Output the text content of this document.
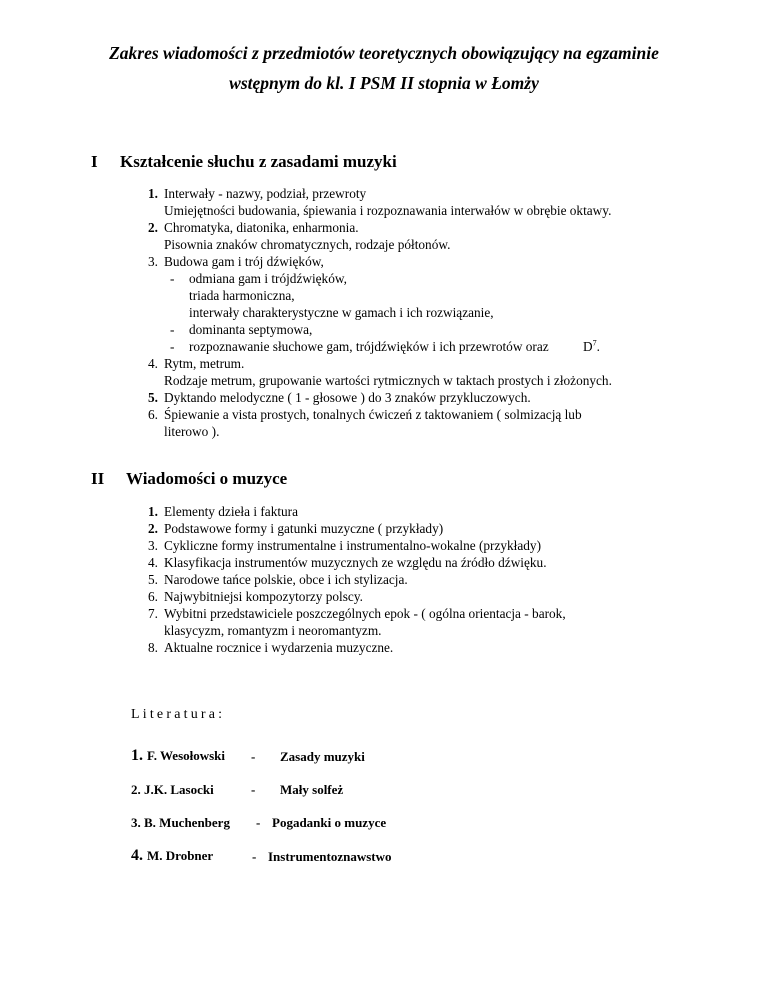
Zakres wiadomości z przedmiotów teoretycznych obowiązujący na egzaminie
wstępnym do kl. I PSM II stopnia w Łomży
I Kształcenie słuchu z zasadami muzyki
1. Interwały - nazwy, podział, przewroty
Umiejętności budowania, śpiewania i rozpoznawania interwałów w obrębie oktawy.
2. Chromatyka, diatonika, enharmonia.
Pisownia znaków chromatycznych, rodzaje półtonów.
3. Budowa gam i trój dźwięków,
- odmiana gam i trójdźwięków,
triada harmoniczna,
interwały charakterystyczne w gamach i ich rozwiązanie,
- dominanta septymowa,
- rozpoznawanie słuchowe gam, trójdźwięków i ich przewrotów oraz	$D^7$.
4. Rytm, metrum.
Rodzaje metrum, grupowanie wartości rytmicznych w taktach prostych i złożonych.
5. Dyktando melodyczne ( 1 - głosowe ) do 3 znaków przykluczowych.
6. Śpiewanie a vista prostych, tonalnych ćwiczeń z taktowaniem ( solmizacją lub
literowo ).
II Wiadomości o muzyce
1. Elementy dzieła i faktura
2. Podstawowe formy i gatunki muzyczne ( przykłady)
3. Cykliczne formy instrumentalne i instrumentalno-wokalne (przykłady)
4. Klasyfikacja instrumentów muzycznych ze względu na źródło dźwięku.
5. Narodowe tańce polskie, obce i ich stylizacja.
6. Najwybitniejsi kompozytorzy polscy.
7. Wybitni przedstawiciele poszczególnych epok - ( ogólna orientacja - barok,
klasycyzm, romantyzm i neoromantyzm.
8. Aktualne rocznice i wydarzenia muzyczne.
Literatura:
1. F. Wesołowski - Zasady muzyki
2. J.K. Lasocki	- Mały solfeż
3. B. Muchenberg - Pogadanki o muzyce
4. M. Drobner	- Instrumentoznawstwo
